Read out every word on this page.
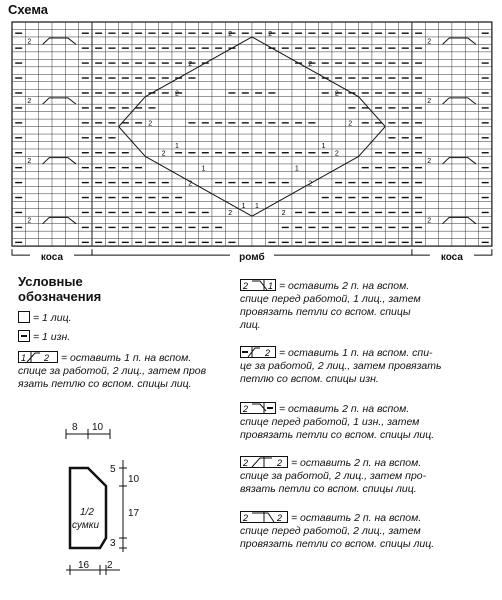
Схема
2
2
2
2
2
2
2
2
2	2
2
2
2
2
2
2	2
2
2
2
2
2
1	1
1	1
1 1
коса	ромб	коса
Условные
обозначения
= 1 лиц.
= 1 изн.
1 2 = оставить 1 п. на вспом.
спице за работой, 2 лиц., затем пров
язать петлю со вспом. спицы лиц.
2 1 = оставить 2 п. на вспом.
спице перед работой, 1 лиц., затем
провязать петли со вспом. спицы
лиц.
2 = оставить 1 п. на вспом. спи-
це за работой, 2 лиц., затем провязать
петлю со вспом. спицы изн.
2	= оставить 2 п. на вспом.
спице перед работой, 1 изн., затем
провязать петли со вспом. спицы лиц.
2	2 = оставить 2 п. на вспом.
спице за работой, 2 лиц., затем про-
вязать петли со вспом. спицы лиц.
2	2 = оставить 2 п. на вспом.
спице перед работой, 2 лиц., затем
провязать петли со вспом. спицы лиц.
8 10
5
10
17
3
16 2
1/2
сумки
